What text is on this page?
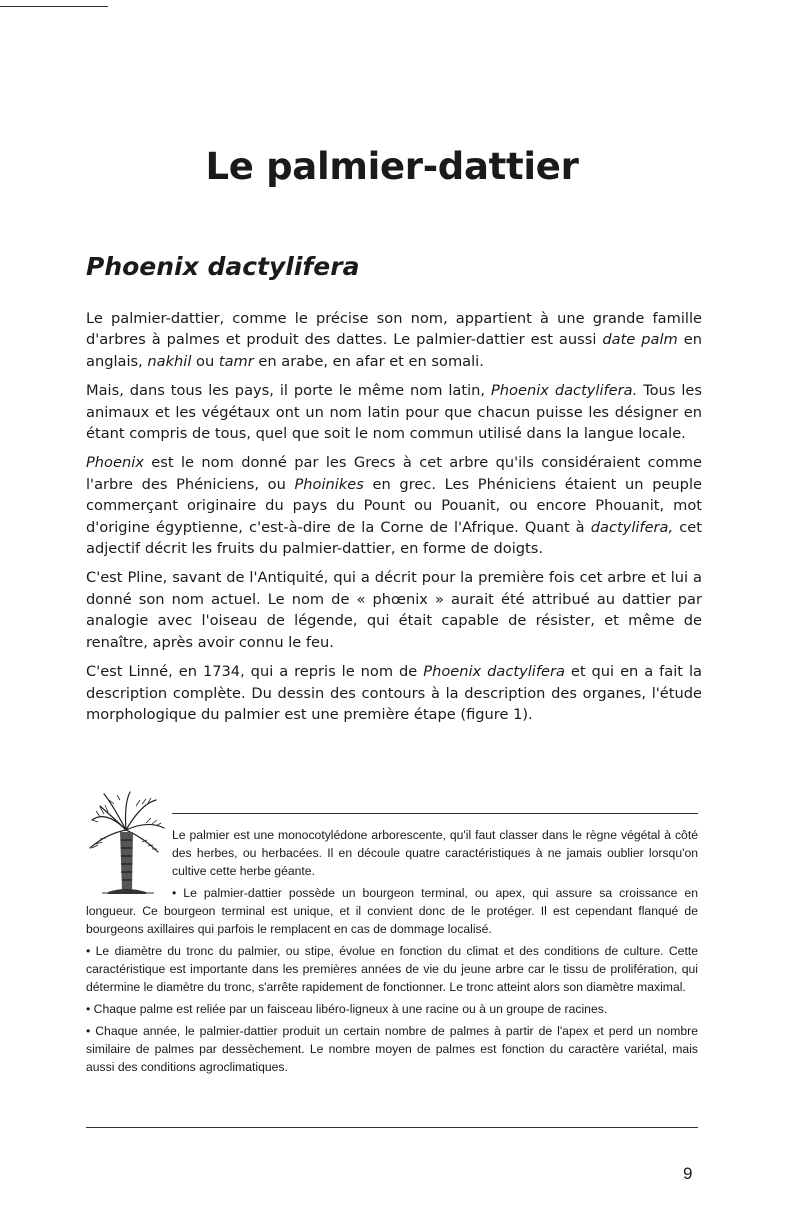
Le palmier-dattier
Phoenix dactylifera

Le palmier-dattier, comme le précise son nom, appartient à une grande famille d'arbres à palmes et produit des dattes. Le palmier-dattier est aussi date palm en anglais, nakhil ou tamr en arabe, en afar et en somali.

Mais, dans tous les pays, il porte le même nom latin, Phoenix dactylifera. Tous les animaux et les végétaux ont un nom latin pour que chacun puisse les désigner en étant compris de tous, quel que soit le nom commun utilisé dans la langue locale.

Phoenix est le nom donné par les Grecs à cet arbre qu'ils considéraient comme l'arbre des Phéniciens, ou Phoinikes en grec. Les Phéniciens étaient un peuple commerçant originaire du pays du Pount ou Pouanit, ou encore Phouanit, mot d'origine égyptienne, c'est-à-dire de la Corne de l'Afrique. Quant à dactylifera, cet adjectif décrit les fruits du palmier-dattier, en forme de doigts.

C'est Pline, savant de l'Antiquité, qui a décrit pour la première fois cet arbre et lui a donné son nom actuel. Le nom de « phœnix » aurait été attribué au dattier par analogie avec l'oiseau de légende, qui était capable de résister, et même de renaître, après avoir connu le feu.

C'est Linné, en 1734, qui a repris le nom de Phoenix dactylifera et qui en a fait la description complète. Du dessin des contours à la description des organes, l'étude morphologique du palmier est une première étape (figure 1).

Le palmier est une monocotylédone arborescente, qu'il faut classer dans le règne végétal à côté des herbes, ou herbacées. Il en découle quatre caractéristiques à ne jamais oublier lorsqu'on cultive cette herbe géante.

• Le palmier-dattier possède un bourgeon terminal, ou apex, qui assure sa croissance en longueur. Ce bourgeon terminal est unique, et il convient donc de le protéger. Il est cependant flanqué de bourgeons axillaires qui parfois le remplacent en cas de dommage localisé.

• Le diamètre du tronc du palmier, ou stipe, évolue en fonction du climat et des conditions de culture. Cette caractéristique est importante dans les premières années de vie du jeune arbre car le tissu de prolifération, qui détermine le diamètre du tronc, s'arrête rapidement de fonctionner. Le tronc atteint alors son diamètre maximal.

• Chaque palme est reliée par un faisceau libéro-ligneux à une racine ou à un groupe de racines.

• Chaque année, le palmier-dattier produit un certain nombre de palmes à partir de l'apex et perd un nombre similaire de palmes par dessèchement. Le nombre moyen de palmes est fonction du caractère variétal, mais aussi des conditions agroclimatiques.

9
